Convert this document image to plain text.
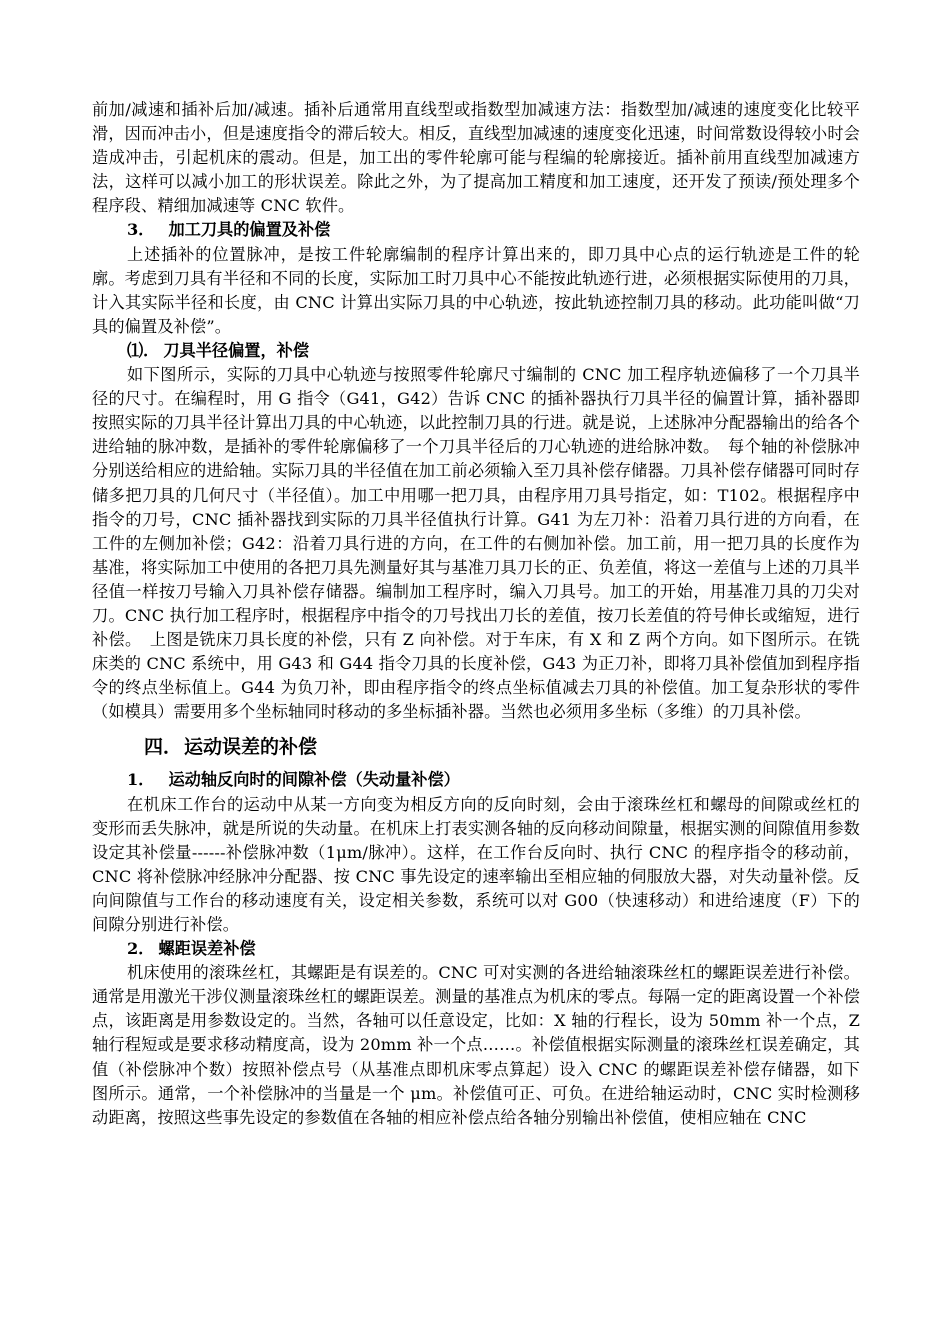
前加/减速和插补后加/减速。插补后通常用直线型或指数型加减速方法：指数型加/减速的速度变化比较平滑，因而冲击小，但是速度指令的滞后较大。相反，直线型加减速的速度变化迅速，时间常数设得较小时会造成冲击，引起机床的震动。但是，加工出的零件轮廓可能与程编的轮廓接近。插补前用直线型加减速方法，这样可以减小加工的形状误差。除此之外，为了提高加工精度和加工速度，还开发了预读/预处理多个程序段、精细加减速等 CNC 软件。

3． 加工刀具的偏置及补偿

上述插补的位置脉冲，是按工件轮廓编制的程序计算出来的，即刀具中心点的运行轨迹是工件的轮廓。考虑到刀具有半径和不同的长度，实际加工时刀具中心不能按此轨迹行进，必须根据实际使用的刀具，计入其实际半径和长度，由 CNC 计算出实际刀具的中心轨迹，按此轨迹控制刀具的移动。此功能叫做“刀具的偏置及补偿”。

⑴． 刀具半径偏置，补偿

如下图所示，实际的刀具中心轨迹与按照零件轮廓尺寸编制的 CNC 加工程序轨迹偏移了一个刀具半径的尺寸。在编程时，用 G 指令（G41，G42）告诉 CNC 的插补器执行刀具半径的偏置计算，插补器即按照实际的刀具半径计算出刀具的中心轨迹，以此控制刀具的行进。就是说，上述脉冲分配器输出的给各个进给轴的脉冲数，是插补的零件轮廓偏移了一个刀具半径后的刀心轨迹的进给脉冲数。　每个轴的补偿脉冲分别送给相应的进給轴。实际刀具的半径值在加工前必须输入至刀具补偿存储器。刀具补偿存储器可同时存储多把刀具的几何尺寸（半径值）。加工中用哪一把刀具，由程序用刀具号指定，如：T102。根据程序中指令的刀号，CNC 插补器找到实际的刀具半径值执行计算。G41 为左刀补：沿着刀具行进的方向看，在工件的左侧加补偿；G42：沿着刀具行进的方向，在工件的右侧加补偿。加工前，用一把刀具的长度作为基准，将实际加工中使用的各把刀具先测量好其与基准刀具刀长的正、负差值，将这一差值与上述的刀具半径值一样按刀号输入刀具补偿存储器。编制加工程序时，编入刀具号。加工的开始，用基准刀具的刀尖对刀。CNC 执行加工程序时，根据程序中指令的刀号找出刀长的差值，按刀长差值的符号伸长或缩短，进行补偿。　上图是铣床刀具长度的补偿，只有 Z 向补偿。对于车床，有 X 和 Z 两个方向。如下图所示。在铣床类的 CNC 系统中，用 G43 和 G44 指令刀具的长度补偿，G43 为正刀补，即将刀具补偿值加到程序指令的终点坐标值上。G44 为负刀补，即由程序指令的终点坐标值减去刀具的补偿值。加工复杂形状的零件（如模具）需要用多个坐标轴同时移动的多坐标插补器。当然也必须用多坐标（多维）的刀具补偿。

四． 运动误差的补偿

1． 运动轴反向时的间隙补偿（失动量补偿）

在机床工作台的运动中从某一方向变为相反方向的反向时刻，会由于滚珠丝杠和螺母的间隙或丝杠的变形而丢失脉冲，就是所说的失动量。在机床上打表实测各轴的反向移动间隙量，根据实测的间隙值用参数设定其补偿量------补偿脉冲数（1μm/脉冲）。这样，在工作台反向时、执行 CNC 的程序指令的移动前，CNC 将补偿脉冲经脉冲分配器、按 CNC 事先设定的速率输出至相应轴的伺服放大器，对失动量补偿。反向间隙值与工作台的移动速度有关，设定相关参数，系统可以对 G00（快速移动）和进给速度（F）下的间隙分别进行补偿。

2． 螺距误差补偿

机床使用的滚珠丝杠，其螺距是有误差的。CNC 可对实测的各进给轴滚珠丝杠的螺距误差进行补偿。通常是用激光干涉仪测量滚珠丝杠的螺距误差。测量的基准点为机床的零点。每隔一定的距离设置一个补偿点，该距离是用参数设定的。当然，各轴可以任意设定，比如：X 轴的行程长，设为 50mm 补一个点，Z 轴行程短或是要求移动精度高，设为 20mm 补一个点……。补偿值根据实际测量的滚珠丝杠误差确定，其值（补偿脉冲个数）按照补偿点号（从基准点即机床零点算起）设入 CNC 的螺距误差补偿存储器，如下图所示。通常，一个补偿脉冲的当量是一个 μm。补偿值可正、可负。在进给轴运动时，CNC 实时检测移动距离，按照这些事先设定的参数值在各轴的相应补偿点给各轴分别输出补偿值，使相应轴在 CNC
